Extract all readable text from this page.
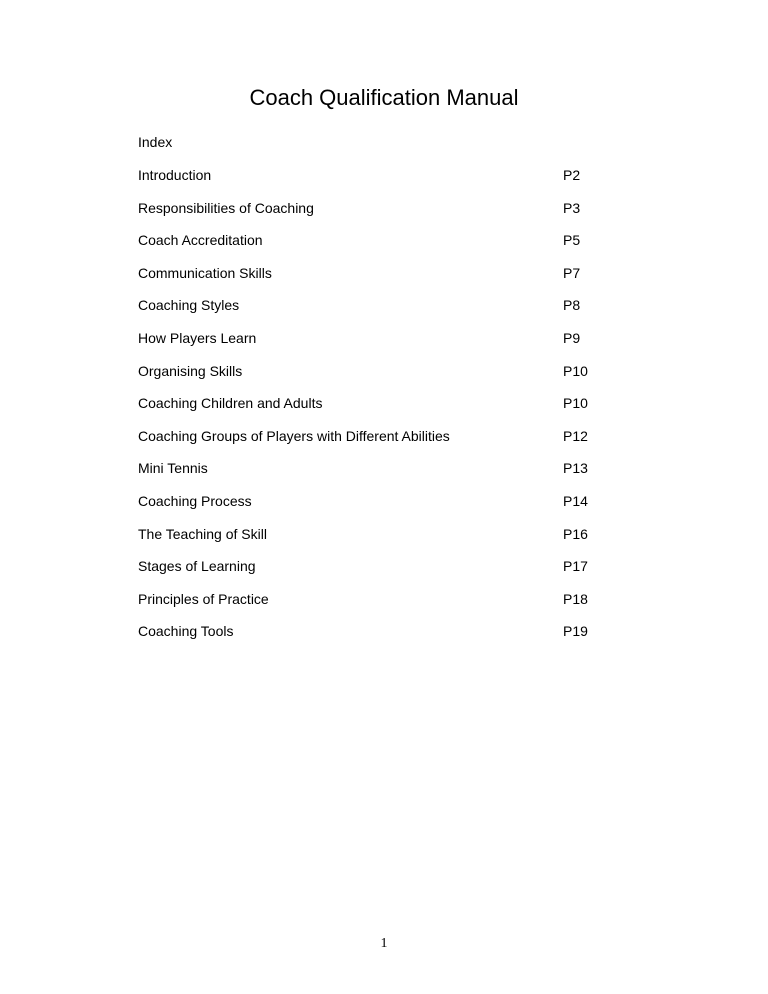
Coach Qualification Manual
Index
Introduction	P2
Responsibilities of Coaching	P3
Coach Accreditation	P5
Communication Skills	P7
Coaching Styles	P8
How Players Learn	P9
Organising Skills	P10
Coaching Children and Adults	P10
Coaching Groups of Players with Different Abilities	P12
Mini Tennis	P13
Coaching Process	P14
The Teaching of Skill	P16
Stages of Learning	P17
Principles of Practice	P18
Coaching Tools	P19
1
